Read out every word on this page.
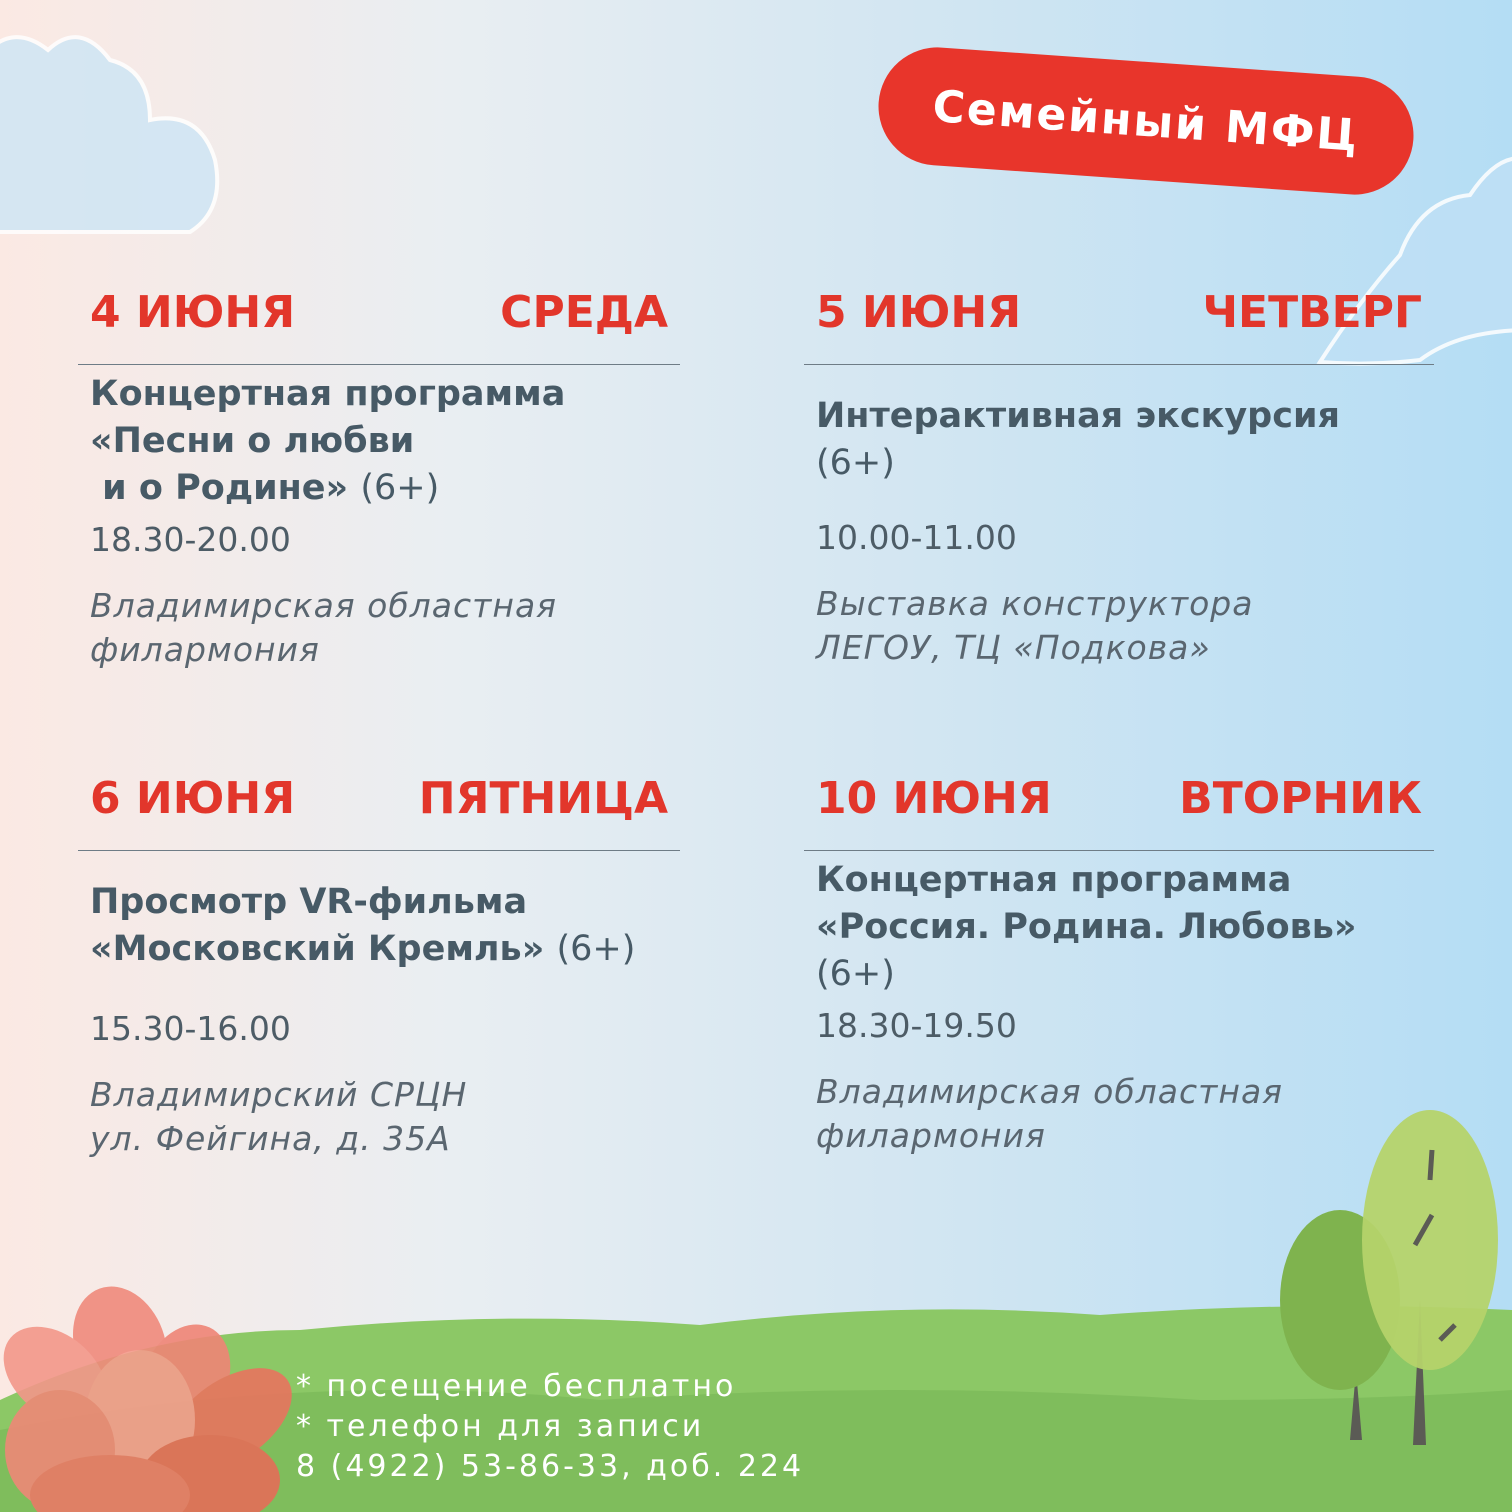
Семейный МФЦ
4 ИЮНЯ	СРЕДА
Концертная программа
«Песни о любви
и о Родине» (6+)
18.30-20.00
Владимирская областная
филармония
5 ИЮНЯ	ЧЕТВЕРГ
Интерактивная экскурсия
(6+)
10.00-11.00
Выставка конструктора
ЛЕГОУ, ТЦ «Подкова»
6 ИЮНЯ	ПЯТНИЦА
Просмотр VR-фильма
«Московский Кремль» (6+)
15.30-16.00
Владимирский СРЦН
ул. Фейгина, д. 35А
10 ИЮНЯ	ВТОРНИК
Концертная программа
«Россия. Родина. Любовь»
(6+)
18.30-19.50
Владимирская областная
филармония
* посещение бесплатно
* телефон для записи
8 (4922) 53-86-33, доб. 224
